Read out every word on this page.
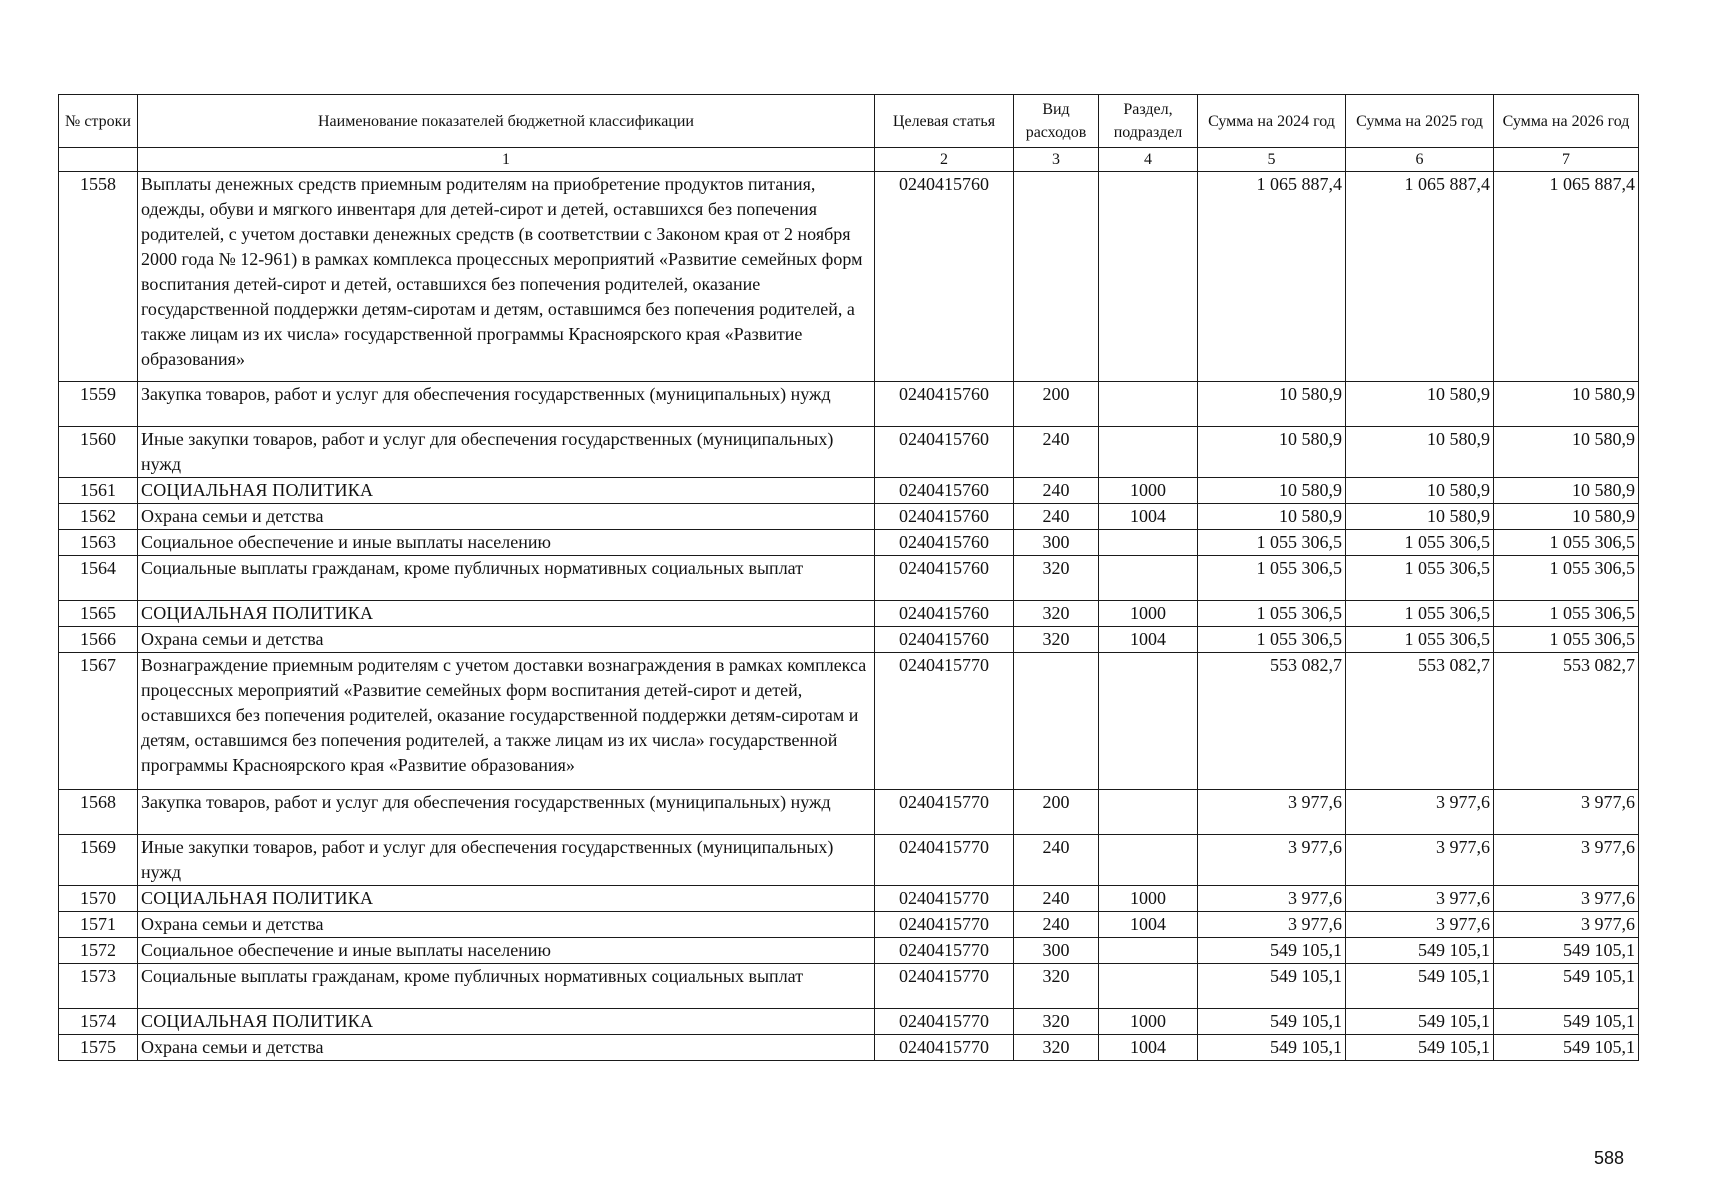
№ строки	Наименование показателей бюджетной классификации	Целевая статья	Вид расходов	Раздел, подраздел	Сумма на 2024 год	Сумма на 2025 год	Сумма на 2026 год
	1	2	3	4	5	6	7
1558	Выплаты денежных средств приемным родителям на приобретение продуктов питания, одежды, обуви и мягкого инвентаря для детей-сирот и детей, оставшихся без попечения родителей, с учетом доставки денежных средств (в соответствии с Законом края от 2 ноября 2000 года № 12-961) в рамках комплекса процессных мероприятий «Развитие семейных форм воспитания детей-сирот и детей, оставшихся без попечения родителей, оказание государственной поддержки детям-сиротам и детям, оставшимся без попечения родителей, а также лицам из их числа» государственной программы Красноярского края «Развитие образования»	0240415760			1 065 887,4	1 065 887,4	1 065 887,4
1559	Закупка товаров, работ и услуг для обеспечения государственных (муниципальных) нужд	0240415760	200		10 580,9	10 580,9	10 580,9
1560	Иные закупки товаров, работ и услуг для обеспечения государственных (муниципальных) нужд	0240415760	240		10 580,9	10 580,9	10 580,9
1561	СОЦИАЛЬНАЯ ПОЛИТИКА	0240415760	240	1000	10 580,9	10 580,9	10 580,9
1562	Охрана семьи и детства	0240415760	240	1004	10 580,9	10 580,9	10 580,9
1563	Социальное обеспечение и иные выплаты населению	0240415760	300		1 055 306,5	1 055 306,5	1 055 306,5
1564	Социальные выплаты гражданам, кроме публичных нормативных социальных выплат	0240415760	320		1 055 306,5	1 055 306,5	1 055 306,5
1565	СОЦИАЛЬНАЯ ПОЛИТИКА	0240415760	320	1000	1 055 306,5	1 055 306,5	1 055 306,5
1566	Охрана семьи и детства	0240415760	320	1004	1 055 306,5	1 055 306,5	1 055 306,5
1567	Вознаграждение приемным родителям с учетом доставки вознаграждения в рамках комплекса процессных мероприятий «Развитие семейных форм воспитания детей-сирот и детей, оставшихся без попечения родителей, оказание государственной поддержки детям-сиротам и детям, оставшимся без попечения родителей, а также лицам из их числа» государственной программы Красноярского края «Развитие образования»	0240415770			553 082,7	553 082,7	553 082,7
1568	Закупка товаров, работ и услуг для обеспечения государственных (муниципальных) нужд	0240415770	200		3 977,6	3 977,6	3 977,6
1569	Иные закупки товаров, работ и услуг для обеспечения государственных (муниципальных) нужд	0240415770	240		3 977,6	3 977,6	3 977,6
1570	СОЦИАЛЬНАЯ ПОЛИТИКА	0240415770	240	1000	3 977,6	3 977,6	3 977,6
1571	Охрана семьи и детства	0240415770	240	1004	3 977,6	3 977,6	3 977,6
1572	Социальное обеспечение и иные выплаты населению	0240415770	300		549 105,1	549 105,1	549 105,1
1573	Социальные выплаты гражданам, кроме публичных нормативных социальных выплат	0240415770	320		549 105,1	549 105,1	549 105,1
1574	СОЦИАЛЬНАЯ ПОЛИТИКА	0240415770	320	1000	549 105,1	549 105,1	549 105,1
1575	Охрана семьи и детства	0240415770	320	1004	549 105,1	549 105,1	549 105,1
588
